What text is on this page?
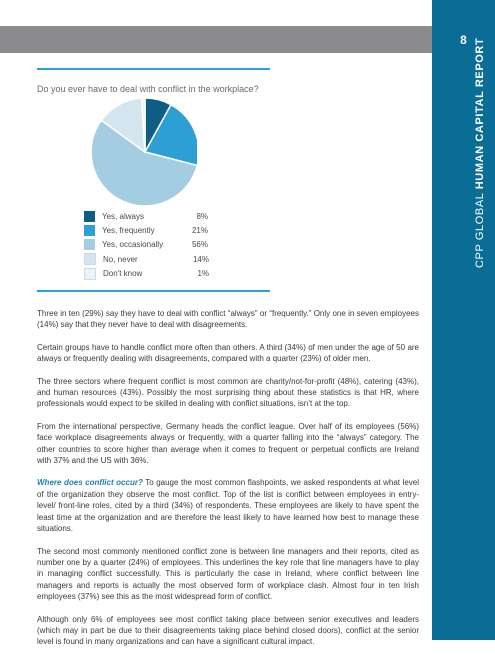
8
CPP GLOBAL HUMAN CAPITAL REPORT
Do you ever have to deal with conflict in the workplace?
Yes, always	8%
Yes, frequently	21%
Yes, occasionally	56%
No, never	14%
Don't know	1%

Three in ten (29%) say they have to deal with conflict “always” or “frequently.” Only one in seven employees (14%) say that they never have to deal with disagreements.

Certain groups have to handle conflict more often than others. A third (34%) of men under the age of 50 are always or frequently dealing with disagreements, compared with a quarter (23%) of older men.

The three sectors where frequent conflict is most common are charity/not-for-profit (48%), catering (43%), and human resources (43%). Possibly the most surprising thing about these statistics is that HR, where professionals would expect to be skilled in dealing with conflict situations, isn’t at the top.

From the international perspective, Germany heads the conflict league. Over half of its employees (56%) face workplace disagreements always or frequently, with a quarter falling into the “always” category. The other countries to score higher than average when it comes to frequent or perpetual conflicts are Ireland with 37% and the US with 36%.

Where does conflict occur? To gauge the most common flashpoints, we asked respondents at what level of the organization they observe the most conflict. Top of the list is conflict between employees in entry-level/ front-line roles, cited by a third (34%) of respondents. These employees are likely to have spent the least time at the organization and are therefore the least likely to have learned how best to manage these situations.

The second most commonly mentioned conflict zone is between line managers and their reports, cited as number one by a quarter (24%) of employees. This underlines the key role that line managers have to play in managing conflict successfully. This is particularly the case in Ireland, where conflict between line managers and reports is actually the most observed form of workplace clash. Almost four in ten Irish employees (37%) see this as the most widespread form of conflict.

Although only 6% of employees see most conflict taking place between senior executives and leaders (which may in part be due to their disagreements taking place behind closed doors), conflict at the senior level is found in many organizations and can have a significant cultural impact.
